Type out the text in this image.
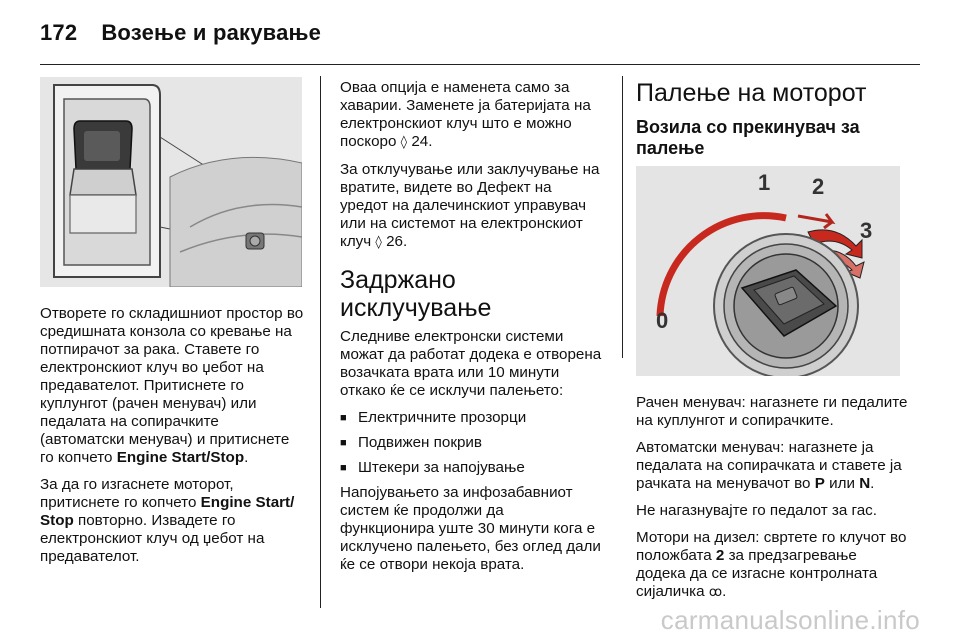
172 Возење и ракување

Отворете го складишниот простор во средишната конзола со кревање на потпирачот за рака. Ставете го електронскиот клуч во џебот на предавателот. Притиснете го куплунгот (рачен менувач) или педалата на сопирачките (автоматски менувач) и притиснете го копчето Engine Start/Stop.

За да го изгаснете моторот, притиснете го копчето Engine Start/ Stop повторно. Извадете го електронскиот клуч од џебот на предавателот.

Оваа опција е наменета само за хаварии. Заменете ја батеријата на електронскиот клуч што е можно поскоро ◊ 24.

За отклучување или заклучување на вратите, видете во Дефект на уредот на далечинскиот управувач или на системот на електронскиот клуч ◊ 26.

Задржано исклучување

Следниве електронски системи можат да работат додека е отворена возачката врата или 10 минути откако ќе се исклучи палењето:

■ Електричните прозорци
■ Подвижен покрив
■ Штекери за напојување

Напојувањето за инфозабавниот систем ќе продолжи да функционира уште 30 минути кога е исклучено палењето, без оглед дали ќе се отвори некоја врата.

Палење на моторот
Возила со прекинувач за палење
1 2
3
0

Рачен менувач: нагазнете ги педалите на куплунгот и сопирачките.

Автоматски менувач: нагазнете ја педалата на сопирачката и ставете ја рачката на менувачот во P или N.

Не нагазнувајте го педалот за гас.

Мотори на дизел: свртете го клучот во положбата 2 за предзагревање додека да се изгасне контролната сијаличка ꝏ.

carmanualsonline.info
